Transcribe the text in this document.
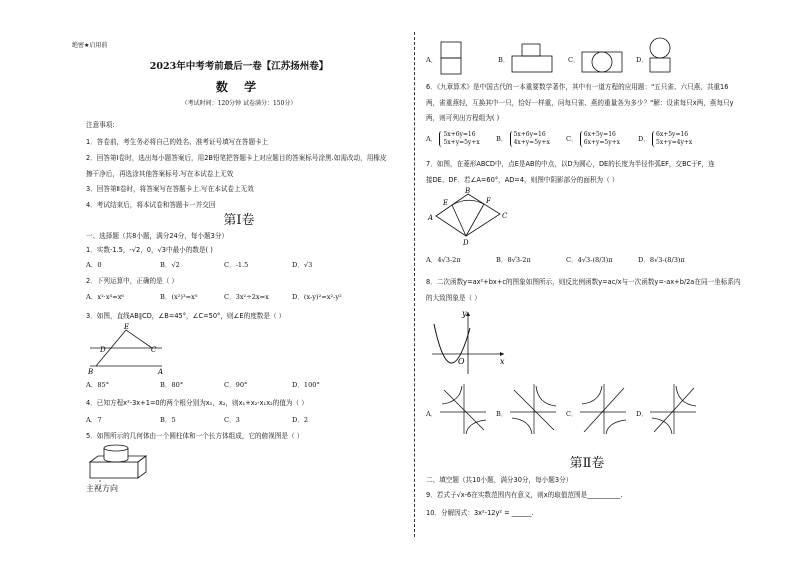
绝密★启用前
2023年中考考前最后一卷【江苏扬州卷】
数 学
（考试时间：120分钟 试卷满分：150分）
注意事项:
1．答卷前，考生务必将自己的姓名、准考证号填写在答题卡上
2．回答第Ⅰ卷时，选出每小题答案后，用2B铅笔把答题卡上对应题目的答案标号涂黑.如需改动，用橡皮
擦干净后，再选涂其他答案标号.写在本试卷上无效
3．回答第Ⅱ卷时，将答案写在答题卡上.写在本试卷上无效
4．考试结束后，将本试卷和答题卡一并交回
第Ⅰ卷
一、选择题（共8小题，满分24分，每小题3分）
1．实数-1.5，-√2，0，√3中最小的数是( )
A．0	B．√2	C．-1.5	D．√3
2．下列运算中，正确的是（ ）
A．x²·x³=x⁶	B．(x²)³=x⁵	C．3x²÷2x=x	D．(x-y)²=x²-y²
3．如图，直线AB∥CD，∠B=45°，∠C=50°，则∠E的度数是（ ）
E
D	C
B	A
A．85°	B．80°	C．90°	D．100°
4．已知方程x²-3x+1=0的两个根分别为x₁，x₂，则x₁+x₂-x₁x₂的值为（ ）
A．7	B．5	C．3	D．2
5．如图所示的几何体由一个圆柱体和一个长方体组成，它的俯视图是（ ）
主视方向
A．	B．	C．	D．
6．《九章算术》是中国古代的一本重要数学著作，其中有一道方程的应用题："五只雀、六只燕，共重16
两，雀重燕轻，互换其中一只，恰好一样重，问每只雀、燕的重量各为多少？"解：设雀每只x两，燕每只y
两，则可列出方程组为( )
A．
5x+6y=16
5x+y=5y+x B．
5x+6y=16
4x+y=5y+x C．
6x+5y=16
6x+y=5y+x	D．
6x+5y=16
5x+y=4y+x
7．如图，在菱形ABCD中，点E是AB的中点，以D为圆心，DE的长度为半径作弧EF，交BC于F，连
接DE、DF．若∠A=60°，AD=4，则图中阴影部分的面积为（ ）
A
B
C
D
E	F
A．4√3-2π	B．8√3-2π	C．4√3-(8/3)π	D．8√3-(8/3)π
8．二次函数y=ax²+bx+c的图象如图所示，则反比例函数y=ac/x与一次函数y=-ax+b/2a在同一坐标系内
的大致图象是（ ）
y
x
O
A．	B．	C．	D．
第Ⅱ卷
二、填空题（共10小题，满分30分，每小题3分）
9．若式子√x-6在实数范围内有意义，则x的取值范围是__________.
10．分解因式：3x²-12y² = ______.
